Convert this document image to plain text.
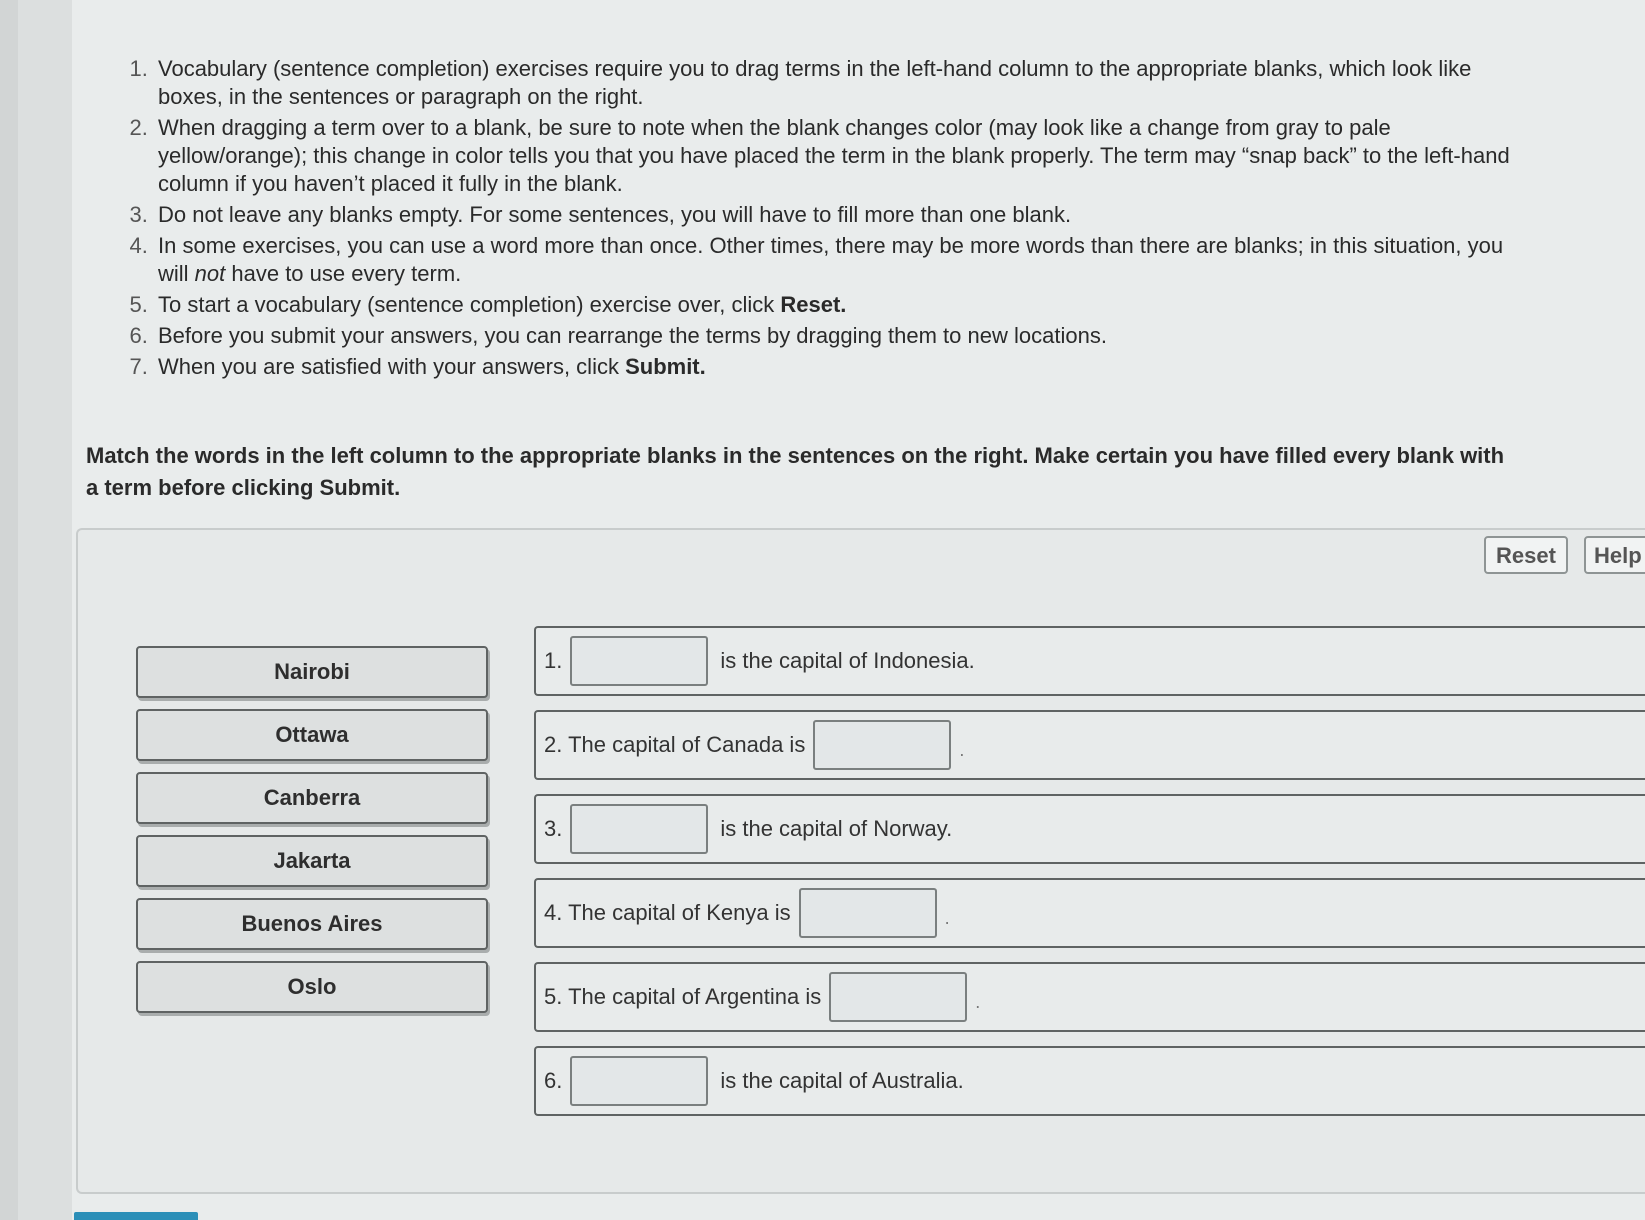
1. Vocabulary (sentence completion) exercises require you to drag terms in the left-hand column to the appropriate blanks, which look like boxes, in the sentences or paragraph on the right.
2. When dragging a term over to a blank, be sure to note when the blank changes color (may look like a change from gray to pale yellow/orange); this change in color tells you that you have placed the term in the blank properly. The term may “snap back” to the left-hand column if you haven’t placed it fully in the blank.
3. Do not leave any blanks empty. For some sentences, you will have to fill more than one blank.
4. In some exercises, you can use a word more than once. Other times, there may be more words than there are blanks; in this situation, you will not have to use every term.
5. To start a vocabulary (sentence completion) exercise over, click Reset.
6. Before you submit your answers, you can rearrange the terms by dragging them to new locations.
7. When you are satisfied with your answers, click Submit.
Match the words in the left column to the appropriate blanks in the sentences on the right. Make certain you have filled every blank with a term before clicking Submit.
Reset	Help
Nairobi
Ottawa
Canberra
Jakarta
Buenos Aires
Oslo
1.	is the capital of Indonesia.
2. The capital of Canada is	.
3.	is the capital of Norway.
4. The capital of Kenya is	.
5. The capital of Argentina is	.
6.	is the capital of Australia.
